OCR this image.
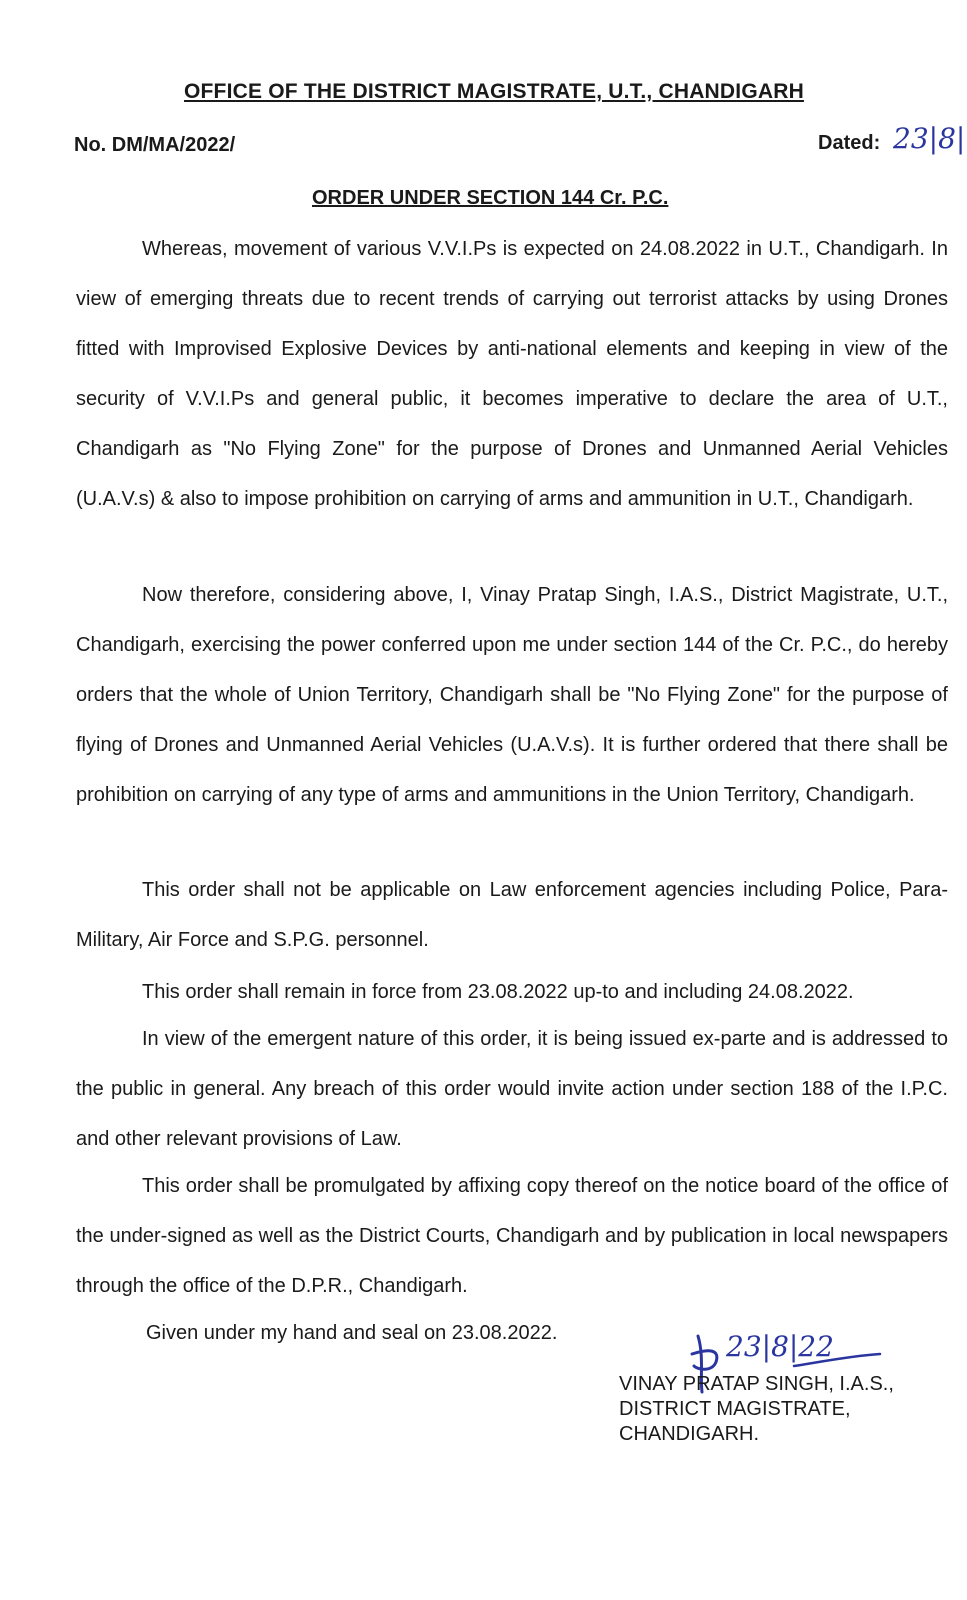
OFFICE OF THE DISTRICT MAGISTRATE, U.T., CHANDIGARH
No. DM/MA/2022/	Dated: 23|8|
ORDER UNDER SECTION 144 Cr. P.C.

Whereas, movement of various V.V.I.Ps is expected on 24.08.2022 in U.T., Chandigarh. In view of emerging threats due to recent trends of carrying out terrorist attacks by using Drones fitted with Improvised Explosive Devices by anti-national elements and keeping in view of the security of V.V.I.Ps and general public, it becomes imperative to declare the area of U.T., Chandigarh as "No Flying Zone" for the purpose of Drones and Unmanned Aerial Vehicles (U.A.V.s) & also to impose prohibition on carrying of arms and ammunition in U.T., Chandigarh.

Now therefore, considering above, I, Vinay Pratap Singh, I.A.S., District Magistrate, U.T., Chandigarh, exercising the power conferred upon me under section 144 of the Cr. P.C., do hereby orders that the whole of Union Territory, Chandigarh shall be "No Flying Zone" for the purpose of flying of Drones and Unmanned Aerial Vehicles (U.A.V.s). It is further ordered that there shall be prohibition on carrying of any type of arms and ammunitions in the Union Territory, Chandigarh.

This order shall not be applicable on Law enforcement agencies including Police, Para-Military, Air Force and S.P.G. personnel.

This order shall remain in force from 23.08.2022 up-to and including 24.08.2022.

In view of the emergent nature of this order, it is being issued ex-parte and is addressed to the public in general. Any breach of this order would invite action under section 188 of the I.P.C. and other relevant provisions of Law.

This order shall be promulgated by affixing copy thereof on the notice board of the office of the under-signed as well as the District Courts, Chandigarh and by publication in local newspapers through the office of the D.P.R., Chandigarh.

Given under my hand and seal on 23.08.2022.	23|8|22
VINAY PRATAP SINGH, I.A.S.,
DISTRICT MAGISTRATE,
CHANDIGARH.
